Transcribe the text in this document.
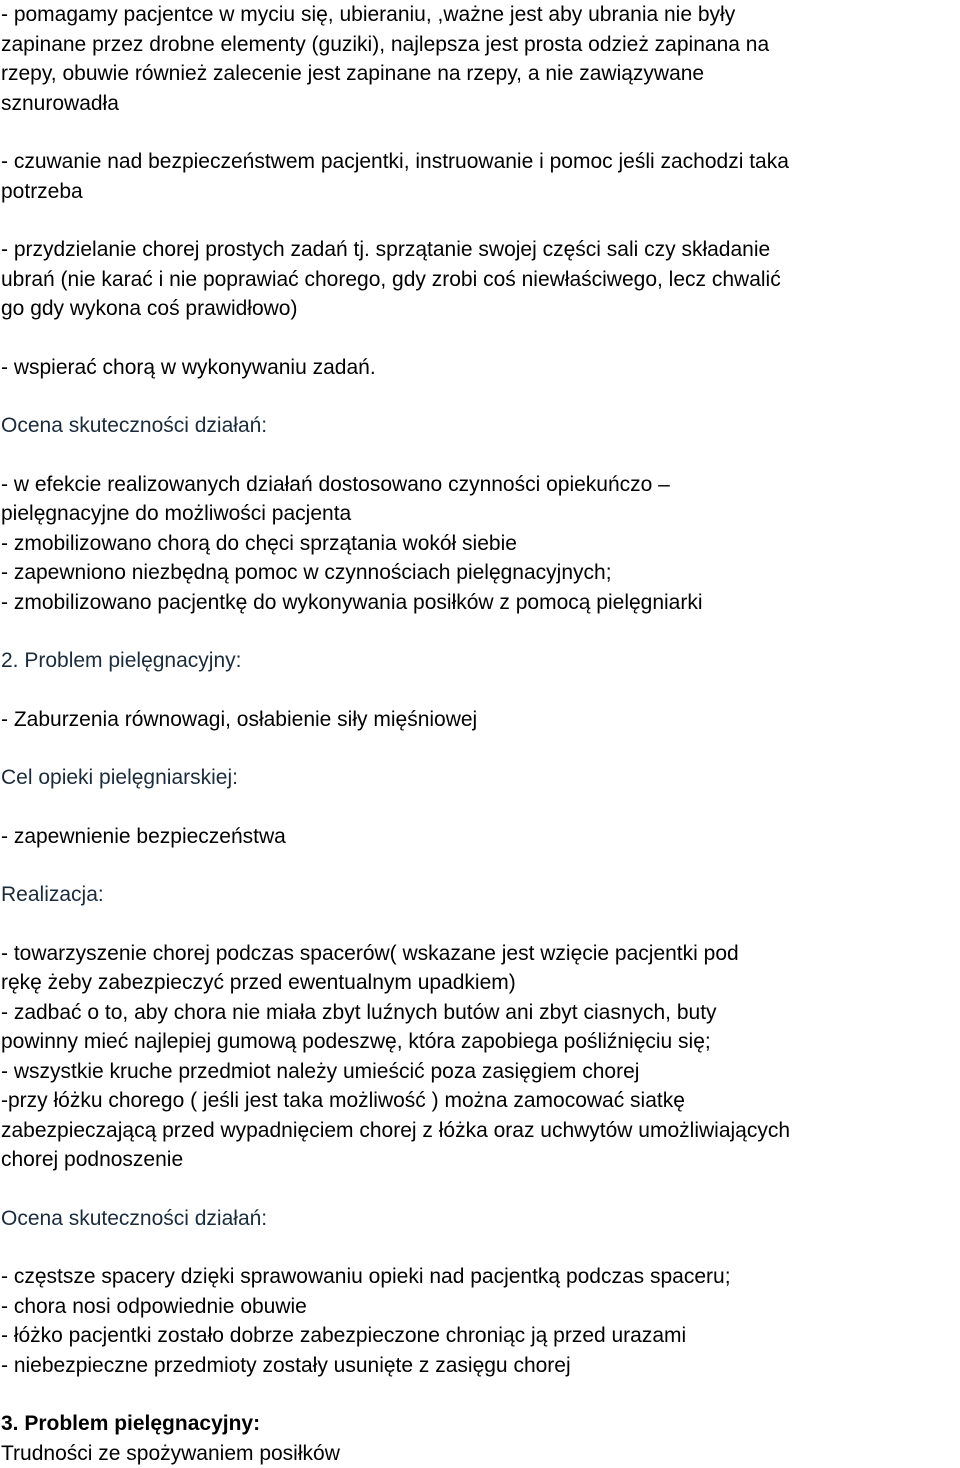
- pomagamy pacjentce w myciu się, ubieraniu, ,ważne jest aby ubrania nie były
zapinane przez drobne elementy (guziki), najlepsza jest prosta odzież zapinana na
rzepy, obuwie również zalecenie jest zapinane na rzepy, a nie zawiązywane
sznurowadła

- czuwanie nad bezpieczeństwem pacjentki, instruowanie i pomoc jeśli zachodzi taka
potrzeba

- przydzielanie chorej prostych zadań tj. sprzątanie swojej części sali czy składanie
ubrań (nie karać i nie poprawiać chorego, gdy zrobi coś niewłaściwego, lecz chwalić
go gdy wykona coś prawidłowo)

- wspierać chorą w wykonywaniu zadań.

Ocena skuteczności działań:

- w efekcie realizowanych działań dostosowano czynności opiekuńczo –
pielęgnacyjne do możliwości pacjenta
- zmobilizowano chorą do chęci sprzątania wokół siebie
- zapewniono niezbędną pomoc w czynnościach pielęgnacyjnych;
- zmobilizowano pacjentkę do wykonywania posiłków z pomocą pielęgniarki

2. Problem pielęgnacyjny:

- Zaburzenia równowagi, osłabienie siły mięśniowej

Cel opieki pielęgniarskiej:

- zapewnienie bezpieczeństwa

Realizacja:

- towarzyszenie chorej podczas spacerów( wskazane jest wzięcie pacjentki pod
rękę żeby zabezpieczyć przed ewentualnym upadkiem)
- zadbać o to, aby chora nie miała zbyt luźnych butów ani zbyt ciasnych, buty
powinny mieć najlepiej gumową podeszwę, która zapobiega pośliźnięciu się;
- wszystkie kruche przedmiot należy umieścić poza zasięgiem chorej
-przy łóżku chorego ( jeśli jest taka możliwość ) można zamocować siatkę
zabezpieczającą przed wypadnięciem chorej z łóżka oraz uchwytów umożliwiających
chorej podnoszenie

Ocena skuteczności działań:

- częstsze spacery dzięki sprawowaniu opieki nad pacjentką podczas spaceru;
- chora nosi odpowiednie obuwie
- łóżko pacjentki zostało dobrze zabezpieczone chroniąc ją przed urazami
- niebezpieczne przedmioty zostały usunięte z zasięgu chorej

3. Problem pielęgnacyjny:

Trudności ze spożywaniem posiłków
